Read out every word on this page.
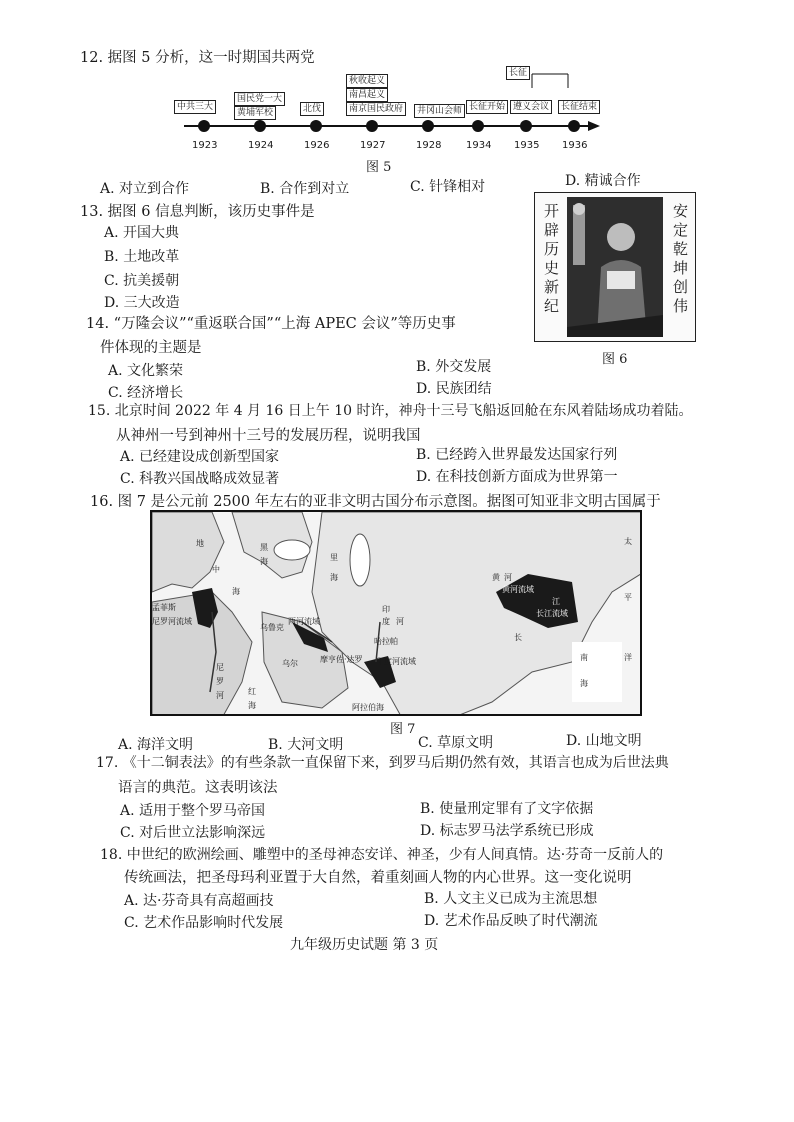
12. 据图 5 分析，这一时期国共两党
中共三大
国民党一大
黄埔军校	北伐
秋收起义
南昌起义
南京国民政府	井冈山会师 长征开始 遵义会议	长征结束
长征
1923	1924	1926	1927	1928 1934 1935 1936
图 5
A. 对立到合作	B. 合作到对立	C. 针锋相对	D. 精诚合作
13. 据图 6 信息判断，该历史事件是
A. 开国大典
B. 土地改革
C. 抗美援朝
D. 三大改造	开辟历史新纪	安定乾坤创伟
图 6
14. “万隆会议”“重返联合国”“上海 APEC 会议”等历史事
件体现的主题是
A. 文化繁荣	B. 外交发展
C. 经济增长	D. 民族团结
15. 北京时间 2022 年 4 月 16 日上午 10 时许，神舟十三号飞船返回舱在东风着陆场成功着陆。
从神州一号到神州十三号的发展历程，说明我国
A. 已经建设成创新型国家	B. 已经跨入世界最发达国家行列
C. 科教兴国战略成效显著	D. 在科技创新方面成为世界第一
16. 图 7 是公元前 2500 年左右的亚非文明古国分布示意图。据图可知亚非文明古国属于
地
中
海
黑
海	里
海
孟菲斯
尼罗河流域
乌鲁克
两河流域
乌尔
尼
罗
河	红
海
摩亨佐·达罗
哈拉帕
印度河流域
印
度 河
阿拉伯海
黄 河
黄河流域
长
江
长江流域
太
平
洋
南
海
图 7
A. 海洋文明	B. 大河文明	C. 草原文明	D. 山地文明
17. 《十二铜表法》的有些条款一直保留下来，到罗马后期仍然有效，其语言也成为后世法典
语言的典范。这表明该法
A. 适用于整个罗马帝国	B. 使量刑定罪有了文字依据
C. 对后世立法影响深远	D. 标志罗马法学系统已形成
18. 中世纪的欧洲绘画、雕塑中的圣母神态安详、神圣，少有人间真情。达·芬奇一反前人的
传统画法，把圣母玛利亚置于大自然，着重刻画人物的内心世界。这一变化说明
A. 达·芬奇具有高超画技	B. 人文主义已成为主流思想
C. 艺术作品影响时代发展	D. 艺术作品反映了时代潮流
九年级历史试题 第 3 页
